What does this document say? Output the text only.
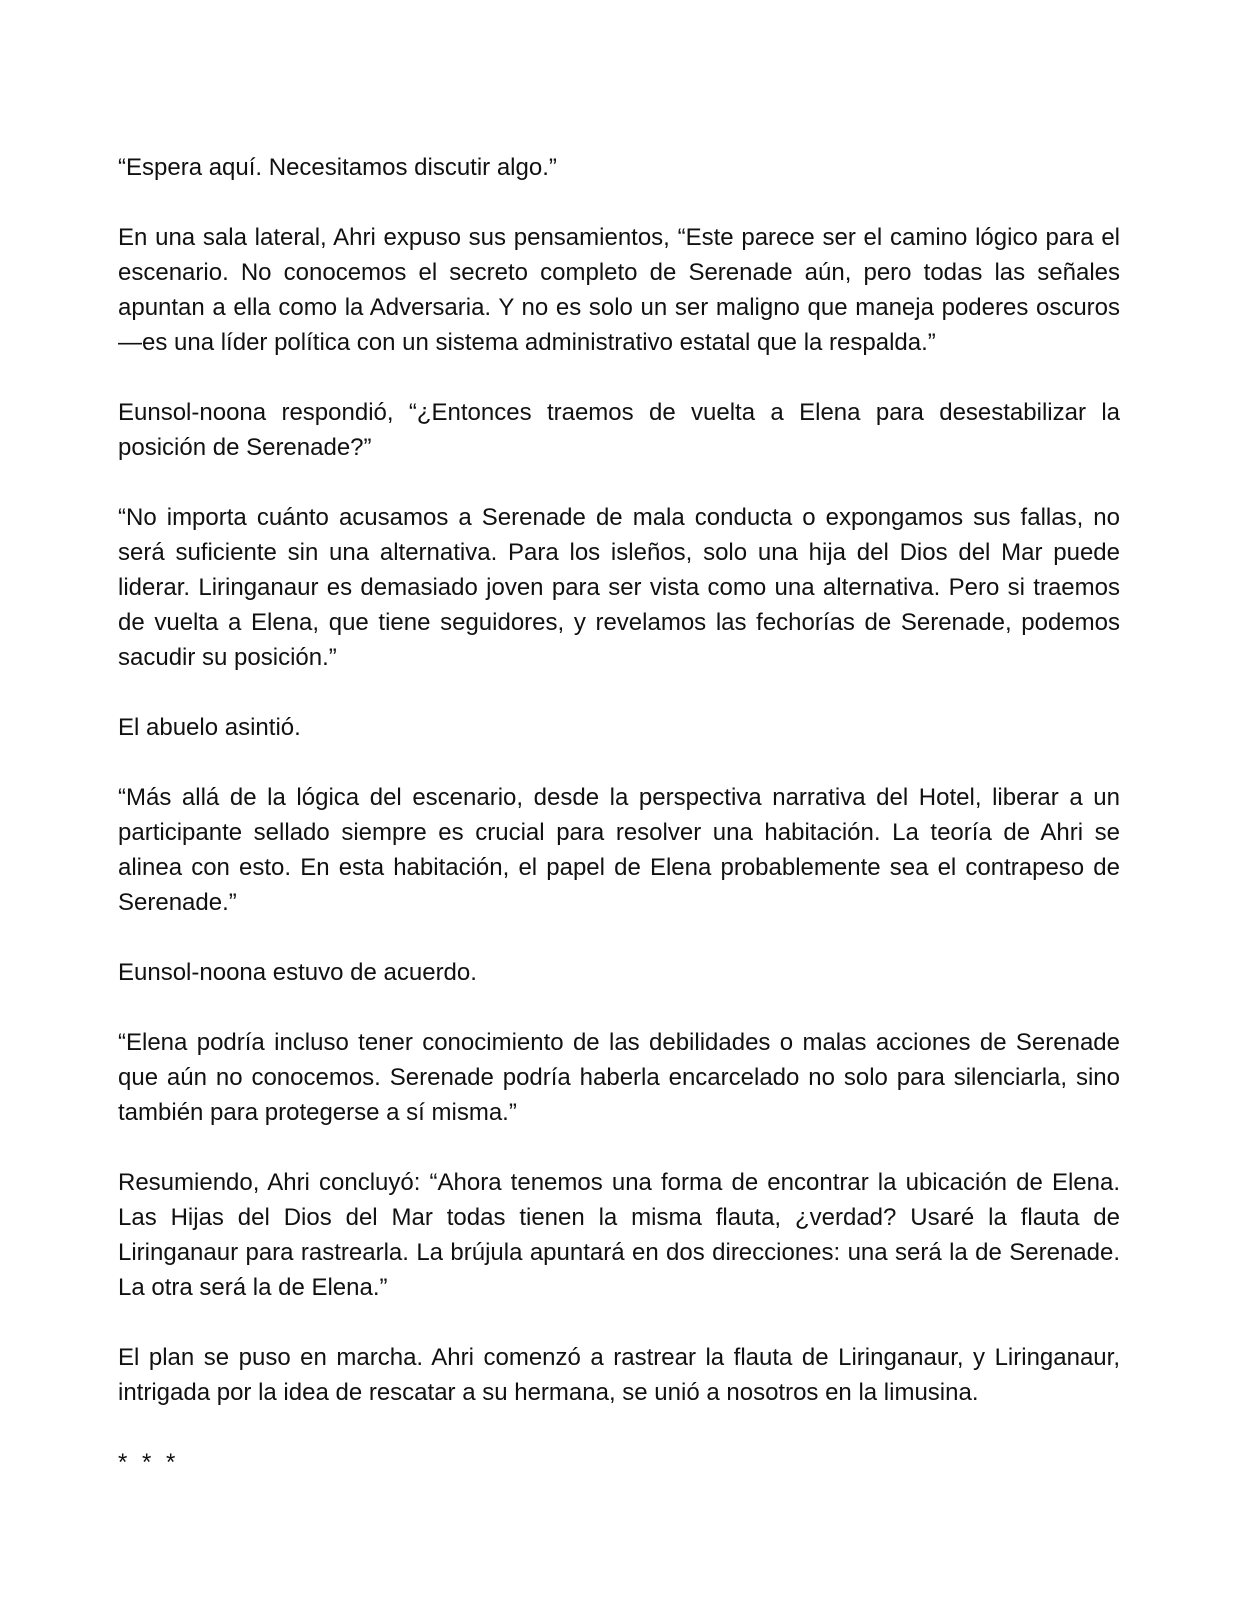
“Espera aquí. Necesitamos discutir algo.”

En una sala lateral, Ahri expuso sus pensamientos, “Este parece ser el camino lógico para el escenario. No conocemos el secreto completo de Serenade aún, pero todas las señales apuntan a ella como la Adversaria. Y no es solo un ser maligno que maneja poderes oscuros—es una líder política con un sistema administrativo estatal que la respalda.”

Eunsol-noona respondió, “¿Entonces traemos de vuelta a Elena para desestabilizar la posición de Serenade?”

“No importa cuánto acusamos a Serenade de mala conducta o expongamos sus fallas, no será suficiente sin una alternativa. Para los isleños, solo una hija del Dios del Mar puede liderar. Liringanaur es demasiado joven para ser vista como una alternativa. Pero si traemos de vuelta a Elena, que tiene seguidores, y revelamos las fechorías de Serenade, podemos sacudir su posición.”

El abuelo asintió.

“Más allá de la lógica del escenario, desde la perspectiva narrativa del Hotel, liberar a un participante sellado siempre es crucial para resolver una habitación. La teoría de Ahri se alinea con esto. En esta habitación, el papel de Elena probablemente sea el contrapeso de Serenade.”

Eunsol-noona estuvo de acuerdo.

“Elena podría incluso tener conocimiento de las debilidades o malas acciones de Serenade que aún no conocemos. Serenade podría haberla encarcelado no solo para silenciarla, sino también para protegerse a sí misma.”

Resumiendo, Ahri concluyó: “Ahora tenemos una forma de encontrar la ubicación de Elena. Las Hijas del Dios del Mar todas tienen la misma flauta, ¿verdad? Usaré la flauta de Liringanaur para rastrearla. La brújula apuntará en dos direcciones: una será la de Serenade. La otra será la de Elena.”

El plan se puso en marcha. Ahri comenzó a rastrear la flauta de Liringanaur, y Liringanaur, intrigada por la idea de rescatar a su hermana, se unió a nosotros en la limusina.

* * *
